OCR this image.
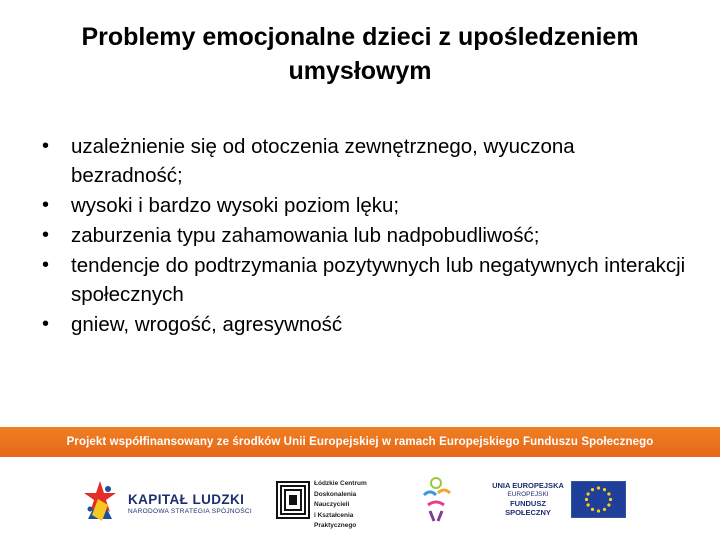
Problemy emocjonalne dzieci z upośledzeniem umysłowym
• uzależnienie się od otoczenia zewnętrznego, wyuczona bezradność;
• wysoki i bardzo wysoki poziom lęku;
• zaburzenia typu zahamowania lub nadpobudliwość;
• tendencje do podtrzymania pozytywnych lub negatywnych interakcji społecznych
• gniew, wrogość, agresywność
Projekt współfinansowany ze środków Unii Europejskiej w ramach Europejskiego Funduszu Społecznego
KAPITAŁ LUDZKI
NARODOWA STRATEGIA SPÓJNOŚCI
Łódzkie Centrum
Doskonalenia Nauczycieli
i Kształcenia Praktycznego
UNIA EUROPEJSKA
EUROPEJSKI
FUNDUSZ SPOŁECZNY
